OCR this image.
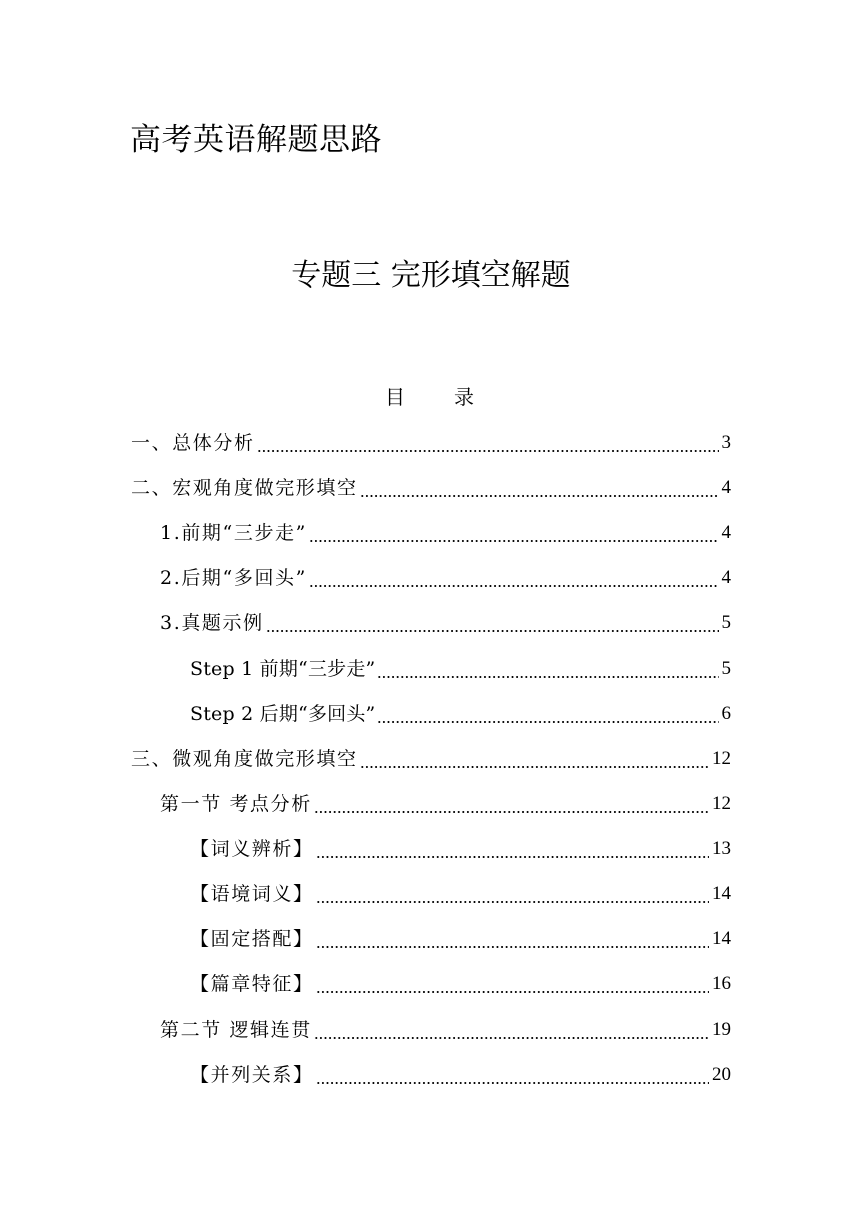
高考英语解题思路
专题三 完形填空解题
目 录
一、总体分析	3
二、宏观角度做完形填空	4
1.前期“三步走”	4
2.后期“多回头”	4
3.真题示例	5
Step 1 前期“三步走”	5
Step 2 后期“多回头”	6
三、微观角度做完形填空	12
第一节 考点分析	12
【词义辨析】	13
【语境词义】	14
【固定搭配】	14
【篇章特征】	16
第二节 逻辑连贯	19
【并列关系】	20
